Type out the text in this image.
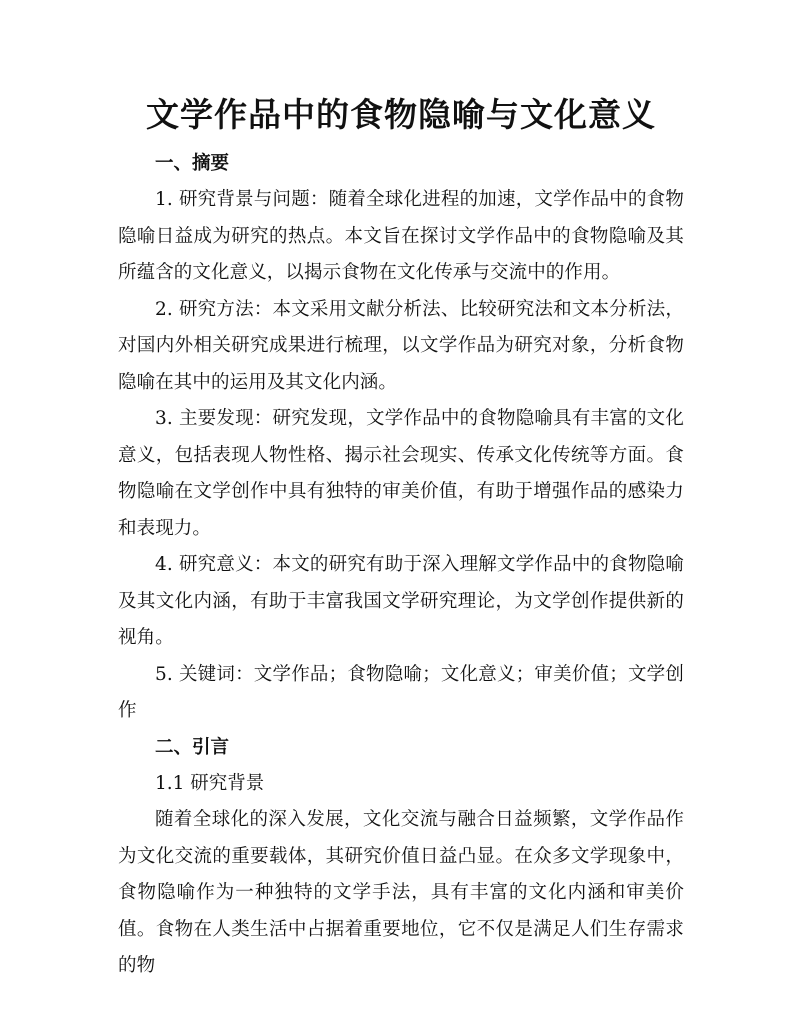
文学作品中的食物隐喻与文化意义

一、摘要

1. 研究背景与问题：随着全球化进程的加速，文学作品中的食物隐喻日益成为研究的热点。本文旨在探讨文学作品中的食物隐喻及其所蕴含的文化意义，以揭示食物在文化传承与交流中的作用。

2. 研究方法：本文采用文献分析法、比较研究法和文本分析法，对国内外相关研究成果进行梳理，以文学作品为研究对象，分析食物隐喻在其中的运用及其文化内涵。

3. 主要发现：研究发现，文学作品中的食物隐喻具有丰富的文化意义，包括表现人物性格、揭示社会现实、传承文化传统等方面。食物隐喻在文学创作中具有独特的审美价值，有助于增强作品的感染力和表现力。

4. 研究意义：本文的研究有助于深入理解文学作品中的食物隐喻及其文化内涵，有助于丰富我国文学研究理论，为文学创作提供新的视角。

5. 关键词：文学作品；食物隐喻；文化意义；审美价值；文学创作

二、引言

1.1 研究背景

随着全球化的深入发展，文化交流与融合日益频繁，文学作品作为文化交流的重要载体，其研究价值日益凸显。在众多文学现象中，食物隐喻作为一种独特的文学手法，具有丰富的文化内涵和审美价值。食物在人类生活中占据着重要地位，它不仅是满足人们生存需求的物
